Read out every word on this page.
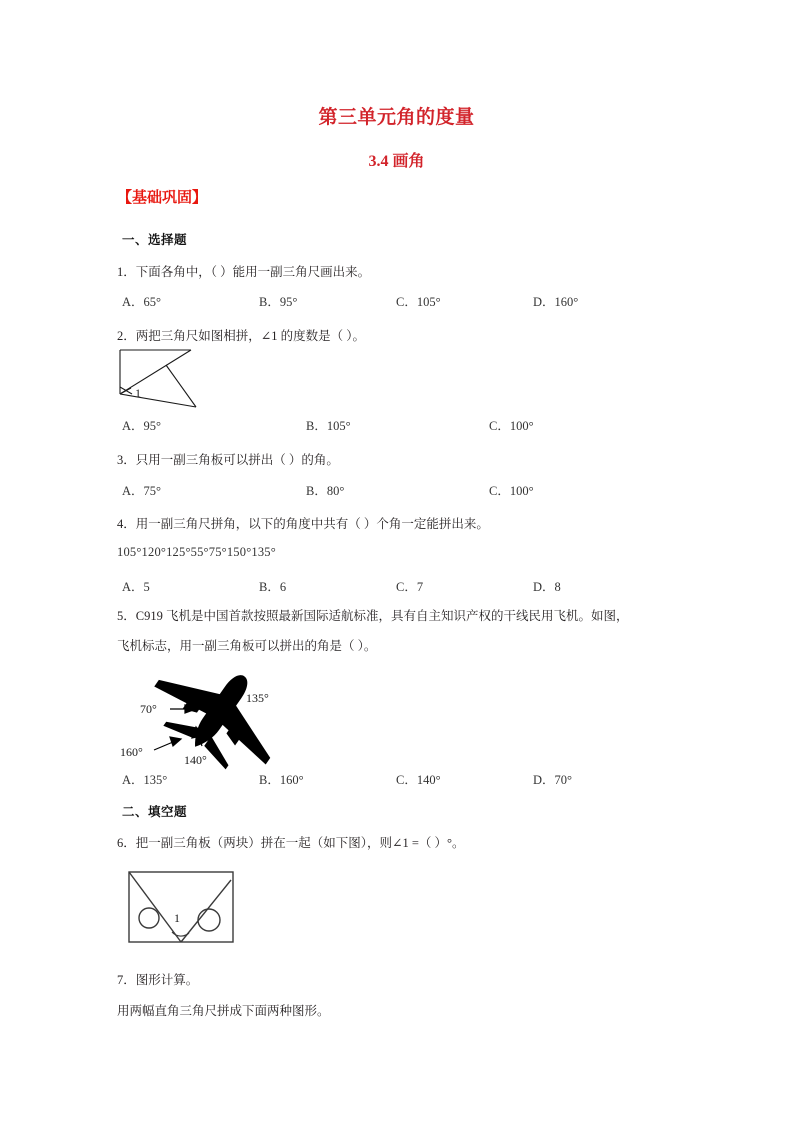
第三单元角的度量
3.4 画角
【基础巩固】
一、选择题
1．下面各角中，（ ）能用一副三角尺画出来。
A．65°	B．95°	C．105°	D．160°
2．两把三角尺如图相拼，∠1 的度数是（ ）。
1
A．95°	B．105°	C．100°
3．只用一副三角板可以拼出（ ）的角。
A．75°	B．80°	C．100°
4．用一副三角尺拼角，以下的角度中共有（ ）个角一定能拼出来。
105°120°125°55°75°150°135°
A．5	B．6	C．7	D．8
5．C919 飞机是中国首款按照最新国际适航标准，具有自主知识产权的干线民用飞机。如图，
飞机标志，用一副三角板可以拼出的角是（ ）。
70°
135°
160°
140°
A．135°	B．160°	C．140°	D．70°
二、填空题
6．把一副三角板（两块）拼在一起（如下图），则∠1 =（ ）°。
1
7．图形计算。
用两幅直角三角尺拼成下面两种图形。
